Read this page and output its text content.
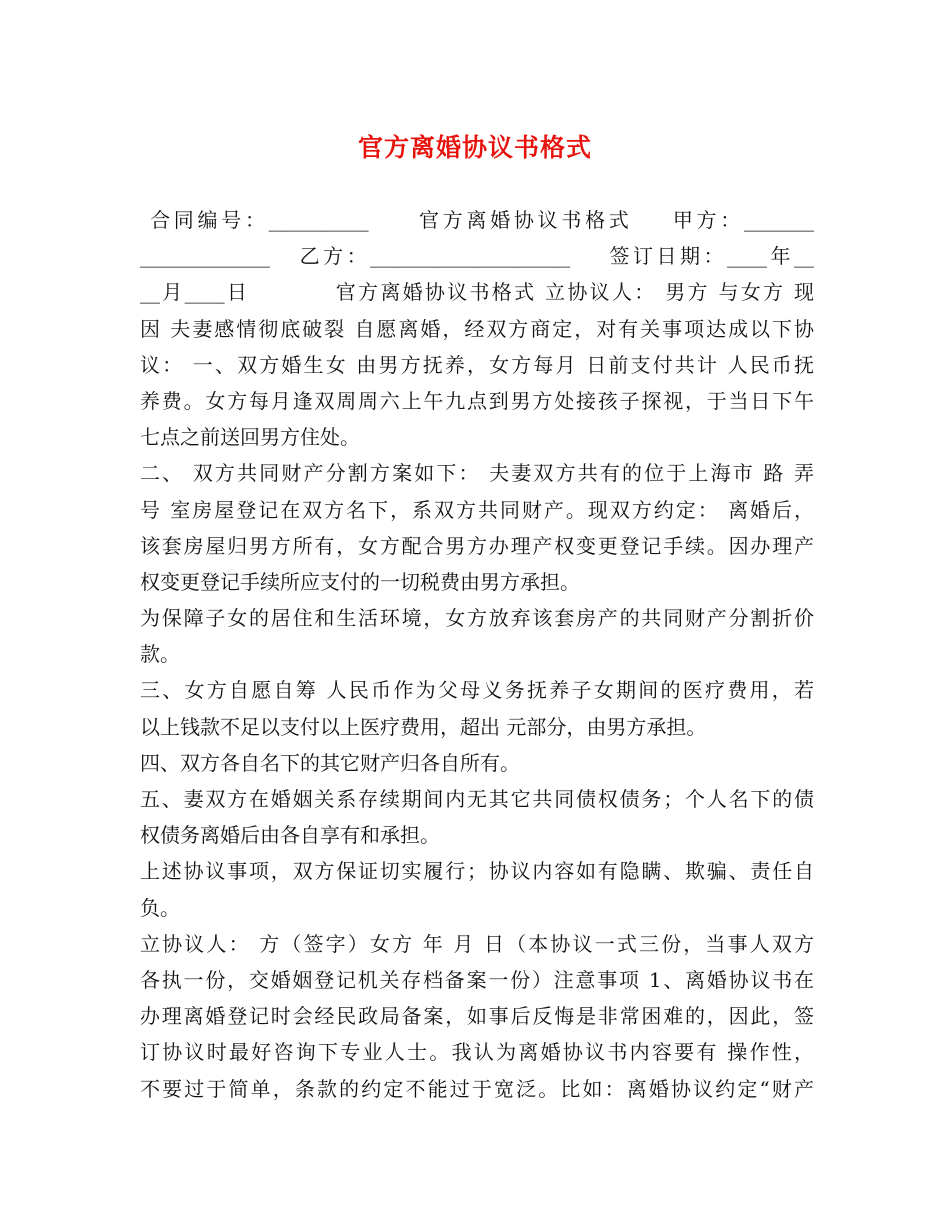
官方离婚协议书格式
合同编号：__________     官方离婚协议书格式    甲方：_______
_____________   乙方：____________________    签订日期：____年__
__月____日          官方离婚协议书格式 立协议人： 男方 与女方 现
因 夫妻感情彻底破裂 自愿离婚，经双方商定，对有关事项达成以下协
议： 一、双方婚生女 由男方抚养，女方每月 日前支付共计 人民币抚
养费。女方每月逢双周周六上午九点到男方处接孩子探视，于当日下午
七点之前送回男方住处。
二、 双方共同财产分割方案如下： 夫妻双方共有的位于上海市 路 弄
号 室房屋登记在双方名下，系双方共同财产。现双方约定： 离婚后，
该套房屋归男方所有，女方配合男方办理产权变更登记手续。因办理产
权变更登记手续所应支付的一切税费由男方承担。
为保障子女的居住和生活环境，女方放弃该套房产的共同财产分割折价
款。
三、女方自愿自筹 人民币作为父母义务抚养子女期间的医疗费用，若
以上钱款不足以支付以上医疗费用，超出 元部分，由男方承担。
四、双方各自名下的其它财产归各自所有。
五、妻双方在婚姻关系存续期间内无其它共同债权债务；个人名下的债
权债务离婚后由各自享有和承担。
上述协议事项，双方保证切实履行；协议内容如有隐瞒、欺骗、责任自
负。
立协议人： 方（签字）女方 年 月 日（本协议一式三份，当事人双方
各执一份，交婚姻登记机关存档备案一份）注意事项 1、离婚协议书在
办理离婚登记时会经民政局备案，如事后反悔是非常困难的，因此，签
订协议时最好咨询下专业人士。我认为离婚协议书内容要有 操作性，
不要过于简单，条款的约定不能过于宽泛。比如：离婚协议约定“财产
